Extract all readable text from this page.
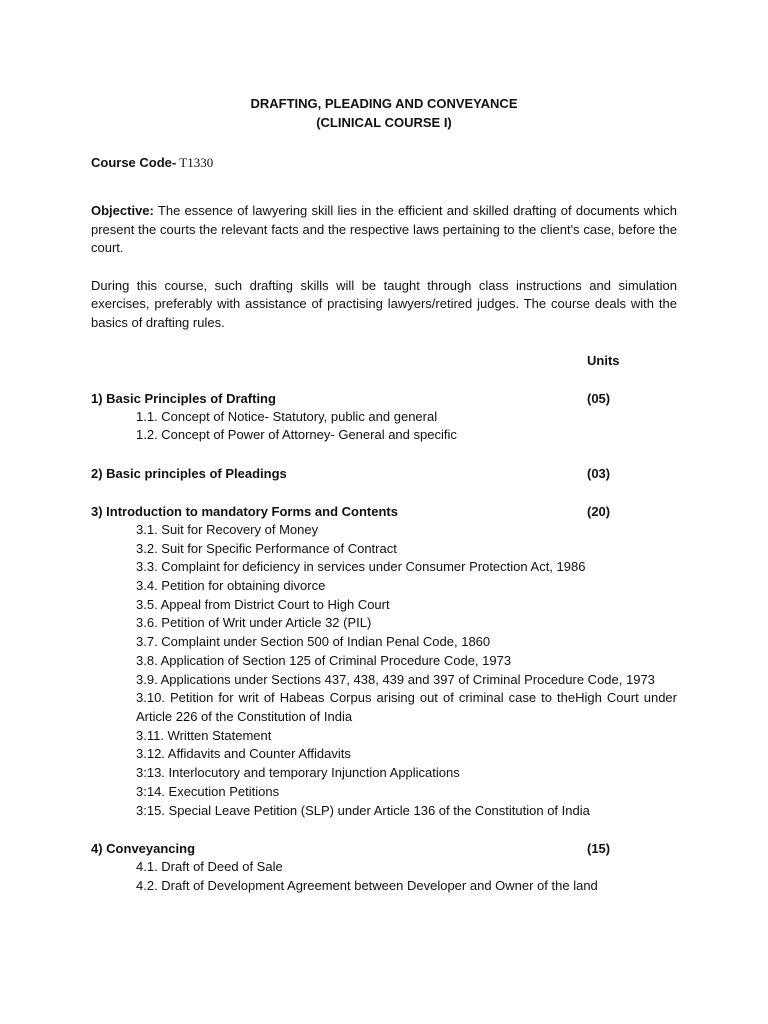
DRAFTING, PLEADING AND CONVEYANCE
(CLINICAL COURSE I)
Course Code- T1330
Objective: The essence of lawyering skill lies in the efficient and skilled drafting of documents which present the courts the relevant facts and the respective laws pertaining to the client's case, before the court.
During this course, such drafting skills will be taught through class instructions and simulation exercises, preferably with assistance of practising lawyers/retired judges. The course deals with the basics of drafting rules.
Units
1) Basic Principles of Drafting	(05)
1.1. Concept of Notice- Statutory, public and general
1.2. Concept of Power of Attorney- General and specific
2) Basic principles of Pleadings	(03)
3) Introduction to mandatory Forms and Contents	(20)
3.1. Suit for Recovery of Money
3.2. Suit for Specific Performance of Contract
3.3. Complaint for deficiency in services under Consumer Protection Act, 1986
3.4. Petition for obtaining divorce
3.5. Appeal from District Court to High Court
3.6. Petition of Writ under Article 32 (PIL)
3.7. Complaint under Section 500 of Indian Penal Code, 1860
3.8. Application of Section 125 of Criminal Procedure Code, 1973
3.9. Applications under Sections 437, 438, 439 and 397 of Criminal Procedure Code, 1973
3.10. Petition for writ of Habeas Corpus arising out of criminal case to theHigh Court under Article 226 of the Constitution of India
3.11. Written Statement
3.12. Affidavits and Counter Affidavits
3:13. Interlocutory and temporary Injunction Applications
3:14. Execution Petitions
3:15. Special Leave Petition (SLP) under Article 136 of the Constitution of India
4) Conveyancing	(15)
4.1. Draft of Deed of Sale
4.2. Draft of Development Agreement between Developer and Owner of the land
